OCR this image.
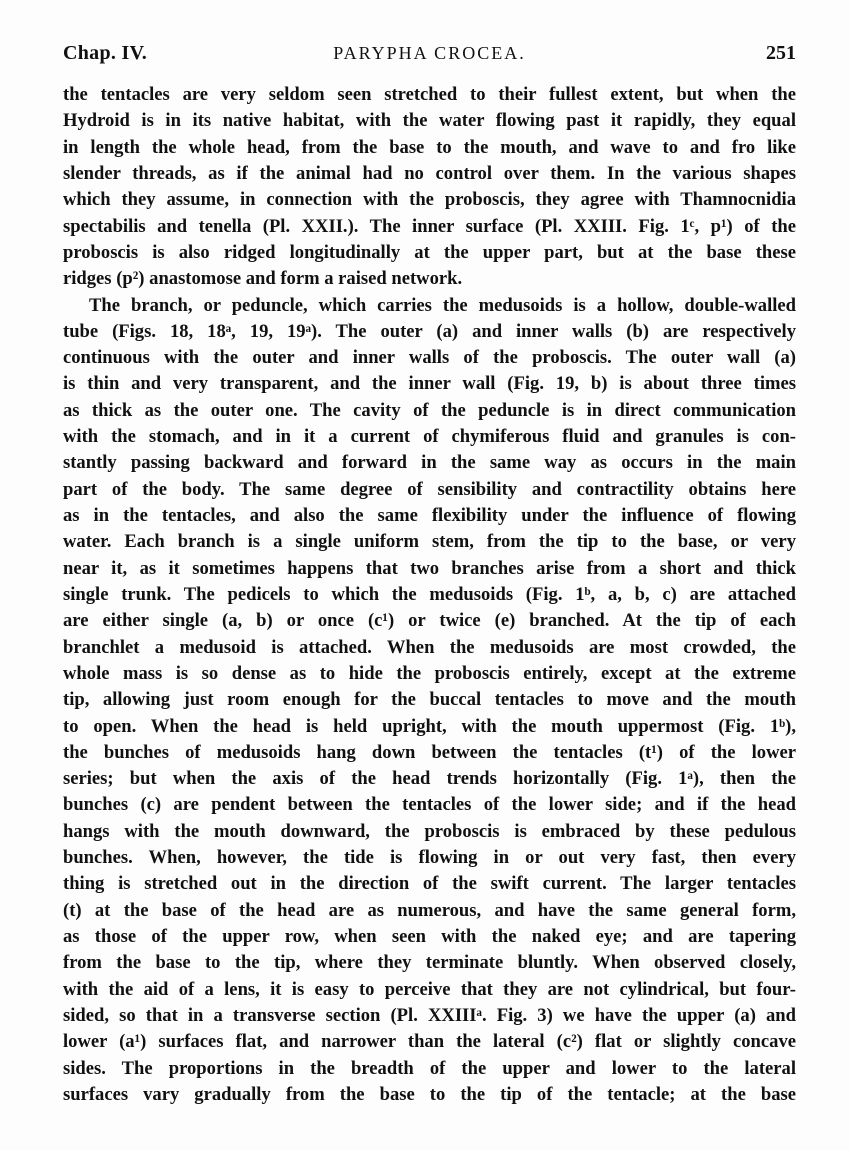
Chap. IV.	PARYPHA CROCEA.	251
the tentacles are very seldom seen stretched to their fullest extent, but when the
Hydroid is in its native habitat, with the water flowing past it rapidly, they equal
in length the whole head, from the base to the mouth, and wave to and fro like
slender threads, as if the animal had no control over them. In the various shapes
which they assume, in connection with the proboscis, they agree with Thamnocnidia
spectabilis and tenella (Pl. XXII.). The inner surface (Pl. XXIII. Fig. 1ᶜ, p¹) of the
proboscis is also ridged longitudinally at the upper part, but at the base these
ridges (p²) anastomose and form a raised network.
The branch, or peduncle, which carries the medusoids is a hollow, double-walled
tube (Figs. 18, 18ᵃ, 19, 19ᵃ). The outer (a) and inner walls (b) are respectively
continuous with the outer and inner walls of the proboscis. The outer wall (a)
is thin and very transparent, and the inner wall (Fig. 19, b) is about three times
as thick as the outer one. The cavity of the peduncle is in direct communication
with the stomach, and in it a current of chymiferous fluid and granules is con-
stantly passing backward and forward in the same way as occurs in the main
part of the body. The same degree of sensibility and contractility obtains here
as in the tentacles, and also the same flexibility under the influence of flowing
water. Each branch is a single uniform stem, from the tip to the base, or very
near it, as it sometimes happens that two branches arise from a short and thick
single trunk. The pedicels to which the medusoids (Fig. 1ᵇ, a, b, c) are attached
are either single (a, b) or once (c¹) or twice (e) branched. At the tip of each
branchlet a medusoid is attached. When the medusoids are most crowded, the
whole mass is so dense as to hide the proboscis entirely, except at the extreme
tip, allowing just room enough for the buccal tentacles to move and the mouth
to open. When the head is held upright, with the mouth uppermost (Fig. 1ᵇ),
the bunches of medusoids hang down between the tentacles (t¹) of the lower
series; but when the axis of the head trends horizontally (Fig. 1ᵃ), then the
bunches (c) are pendent between the tentacles of the lower side; and if the head
hangs with the mouth downward, the proboscis is embraced by these pedulous
bunches. When, however, the tide is flowing in or out very fast, then every
thing is stretched out in the direction of the swift current. The larger tentacles
(t) at the base of the head are as numerous, and have the same general form,
as those of the upper row, when seen with the naked eye; and are tapering
from the base to the tip, where they terminate bluntly. When observed closely,
with the aid of a lens, it is easy to perceive that they are not cylindrical, but four-
sided, so that in a transverse section (Pl. XXIIIᵃ. Fig. 3) we have the upper (a) and
lower (a¹) surfaces flat, and narrower than the lateral (c²) flat or slightly concave
sides. The proportions in the breadth of the upper and lower to the lateral
surfaces vary gradually from the base to the tip of the tentacle; at the base
